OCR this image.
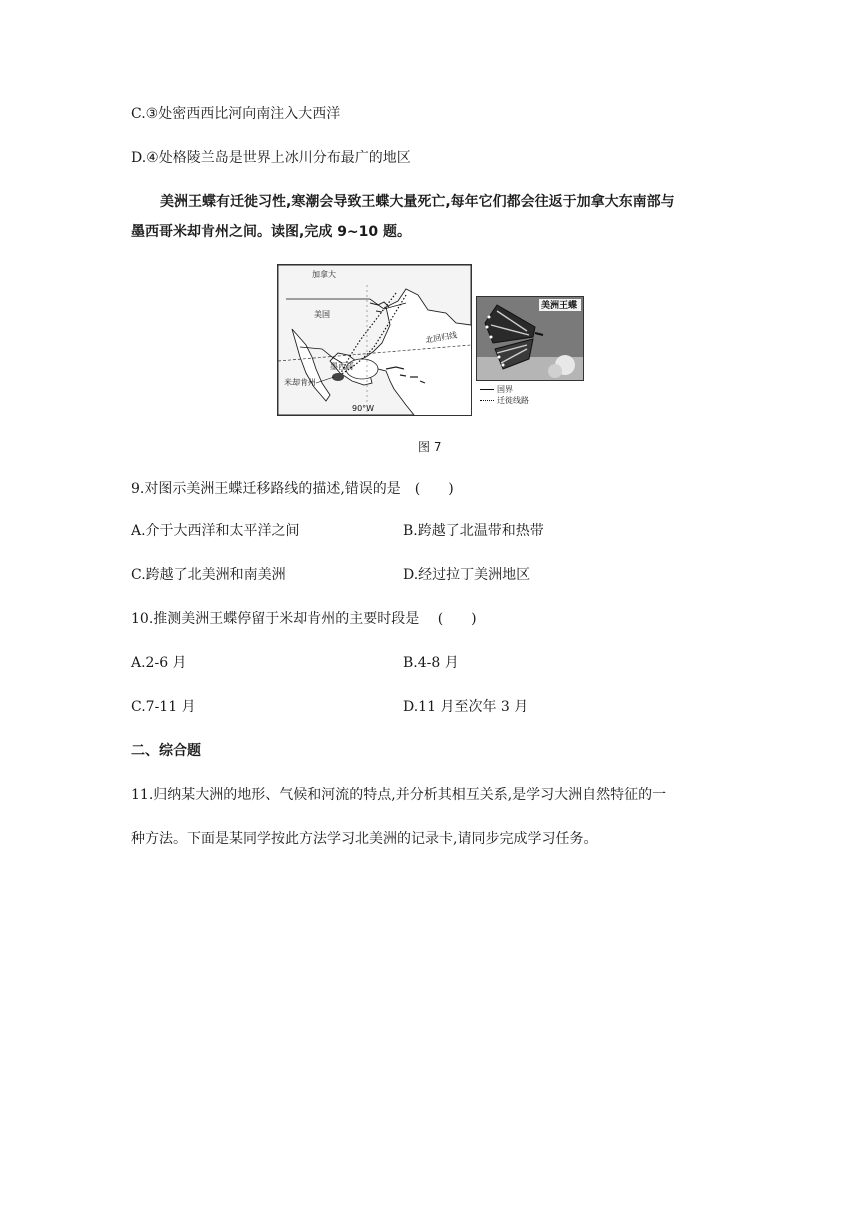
C.③处密西西比河向南注入大西洋
D.④处格陵兰岛是世界上冰川分布最广的地区
美洲王蝶有迁徙习性,寒潮会导致王蝶大量死亡,每年它们都会往返于加拿大东南部与
墨西哥米却肯州之间。读图,完成 9~10 题。
加拿大
美国
墨西哥
北回归线
米却肯州
90°W
美洲王蝶
国界
迁徙线路
图 7
9.对图示美洲王蝶迁移路线的描述,错误的是　(　　)
A.介于大西洋和太平洋之间	B.跨越了北温带和热带
C.跨越了北美洲和南美洲	D.经过拉丁美洲地区
10.推测美洲王蝶停留于米却肯州的主要时段是　 (　　)
A.2-6 月	B.4-8 月
C.7-11 月	D.11 月至次年 3 月
二、综合题
11.归纳某大洲的地形、气候和河流的特点,并分析其相互关系,是学习大洲自然特征的一
种方法。下面是某同学按此方法学习北美洲的记录卡,请同步完成学习任务。
